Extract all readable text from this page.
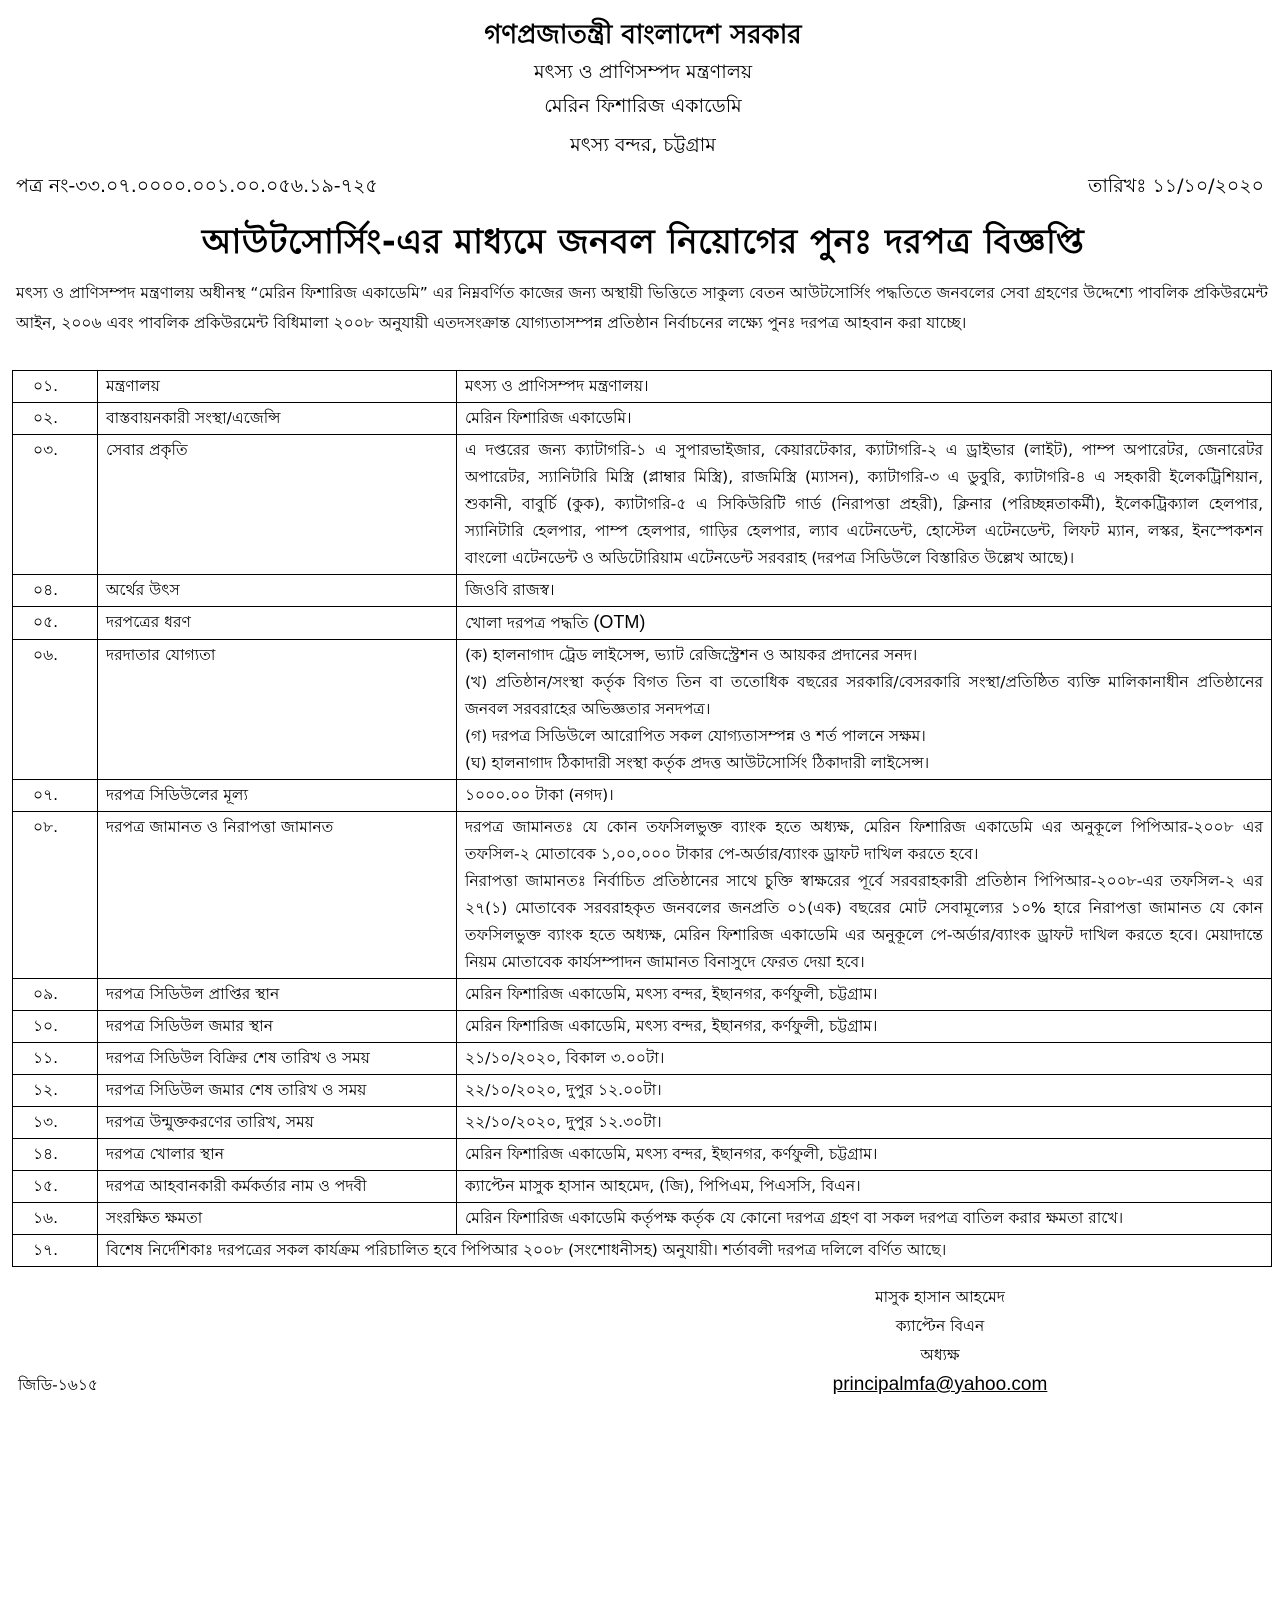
গণপ্রজাতন্ত্রী বাংলাদেশ সরকার
মৎস্য ও প্রাণিসম্পদ মন্ত্রণালয়
মেরিন ফিশারিজ একাডেমি
মৎস্য বন্দর, চট্টগ্রাম
পত্র নং-৩৩.০৭.০০০০.০০১.০০.০৫৬.১৯-৭২৫	তারিখঃ ১১/১০/২০২০
আউটসোর্সিং-এর মাধ্যমে জনবল নিয়োগের পুনঃ দরপত্র বিজ্ঞপ্তি
মৎস্য ও প্রাণিসম্পদ মন্ত্রণালয় অধীনস্থ “মেরিন ফিশারিজ একাডেমি” এর নিম্নবর্ণিত কাজের জন্য অস্থায়ী ভিত্তিতে সাকুল্য বেতন আউটসোর্সিং পদ্ধতিতে জনবলের সেবা গ্রহণের উদ্দেশ্যে পাবলিক প্রকিউরমেন্ট আইন, ২০০৬ এবং পাবলিক প্রকিউরমেন্ট বিধিমালা ২০০৮ অনুযায়ী এতদসংক্রান্ত যোগ্যতাসম্পন্ন প্রতিষ্ঠান নির্বাচনের লক্ষ্যে পুনঃ দরপত্র আহবান করা যাচ্ছে।
০১.	মন্ত্রণালয়	মৎস্য ও প্রাণিসম্পদ মন্ত্রণালয়।
০২.	বাস্তবায়নকারী সংস্থা/এজেন্সি	মেরিন ফিশারিজ একাডেমি।
০৩.	সেবার প্রকৃতি	এ দপ্তরের জন্য ক্যাটাগরি-১ এ সুপারভাইজার, কেয়ারটেকার, ক্যাটাগরি-২ এ ড্রাইভার (লাইট), পাম্প অপারেটর, জেনারেটর অপারেটর, স্যানিটারি মিস্ত্রি (প্লাম্বার মিস্ত্রি), রাজমিস্ত্রি (ম্যাসন), ক্যাটাগরি-৩ এ ডুবুরি, ক্যাটাগরি-৪ এ সহকারী ইলেকট্রিশিয়ান, শুকানী, বাবুর্চি (কুক), ক্যাটাগরি-৫ এ সিকিউরিটি গার্ড (নিরাপত্তা প্রহরী), ক্লিনার (পরিচ্ছন্নতাকর্মী), ইলেকট্রিক্যাল হেলপার, স্যানিটারি হেলপার, পাম্প হেলপার, গাড়ির হেলপার, ল্যাব এটেনডেন্ট, হোস্টেল এটেনডেন্ট, লিফট ম্যান, লস্কর, ইনস্পেকশন বাংলো এটেনডেন্ট ও অডিটোরিয়াম এটেনডেন্ট সরবরাহ (দরপত্র সিডিউলে বিস্তারিত উল্লেখ আছে)।
০৪.	অর্থের উৎস	জিওবি রাজস্ব।
০৫.	দরপত্রের ধরণ	খোলা দরপত্র পদ্ধতি (OTM)
০৬.	দরদাতার যোগ্যতা	(ক) হালনাগাদ ট্রেড লাইসেন্স, ভ্যাট রেজিস্ট্রেশন ও আয়কর প্রদানের সনদ।
(খ) প্রতিষ্ঠান/সংস্থা কর্তৃক বিগত তিন বা ততোধিক বছরের সরকারি/বেসরকারি সংস্থা/প্রতিষ্ঠিত ব্যক্তি মালিকানাধীন প্রতিষ্ঠানের জনবল সরবরাহের অভিজ্ঞতার সনদপত্র।
(গ) দরপত্র সিডিউলে আরোপিত সকল যোগ্যতাসম্পন্ন ও শর্ত পালনে সক্ষম।
(ঘ) হালনাগাদ ঠিকাদারী সংস্থা কর্তৃক প্রদত্ত আউটসোর্সিং ঠিকাদারী লাইসেন্স।

০৭.	দরপত্র সিডিউলের মূল্য	১০০০.০০ টাকা (নগদ)।
০৮.	দরপত্র জামানত ও নিরাপত্তা জামানত	দরপত্র জামানতঃ যে কোন তফসিলভুক্ত ব্যাংক হতে অধ্যক্ষ, মেরিন ফিশারিজ একাডেমি এর অনুকূলে পিপিআর-২০০৮ এর তফসিল-২ মোতাবেক ১,০০,০০০ টাকার পে-অর্ডার/ব্যাংক ড্রাফট দাখিল করতে হবে।
নিরাপত্তা জামানতঃ নির্বাচিত প্রতিষ্ঠানের সাথে চুক্তি স্বাক্ষরের পূর্বে সরবরাহকারী প্রতিষ্ঠান পিপিআর-২০০৮-এর তফসিল-২ এর ২৭(১) মোতাবেক সরবরাহকৃত জনবলের জনপ্রতি ০১(এক) বছরের মোট সেবামূল্যের ১০% হারে নিরাপত্তা জামানত যে কোন তফসিলভুক্ত ব্যাংক হতে অধ্যক্ষ, মেরিন ফিশারিজ একাডেমি এর অনুকূলে পে-অর্ডার/ব্যাংক ড্রাফট দাখিল করতে হবে। মেয়াদান্তে নিয়ম মোতাবেক কার্যসম্পাদন জামানত বিনাসুদে ফেরত দেয়া হবে।

০৯.	দরপত্র সিডিউল প্রাপ্তির স্থান	মেরিন ফিশারিজ একাডেমি, মৎস্য বন্দর, ইছানগর, কর্ণফুলী, চট্টগ্রাম।
১০.	দরপত্র সিডিউল জমার স্থান	মেরিন ফিশারিজ একাডেমি, মৎস্য বন্দর, ইছানগর, কর্ণফুলী, চট্টগ্রাম।
১১.	দরপত্র সিডিউল বিক্রির শেষ তারিখ ও সময়	২১/১০/২০২০, বিকাল ৩.০০টা।
১২.	দরপত্র সিডিউল জমার শেষ তারিখ ও সময়	২২/১০/২০২০, দুপুর ১২.০০টা।
১৩.	দরপত্র উন্মুক্তকরণের তারিখ, সময়	২২/১০/২০২০, দুপুর ১২.৩০টা।
১৪.	দরপত্র খোলার স্থান	মেরিন ফিশারিজ একাডেমি, মৎস্য বন্দর, ইছানগর, কর্ণফুলী, চট্টগ্রাম।
১৫.	দরপত্র আহবানকারী কর্মকর্তার নাম ও পদবী	ক্যাপ্টেন মাসুক হাসান আহমেদ, (জি), পিপিএম, পিএসসি, বিএন।
১৬.	সংরক্ষিত ক্ষমতা	মেরিন ফিশারিজ একাডেমি কর্তৃপক্ষ কর্তৃক যে কোনো দরপত্র গ্রহণ বা সকল দরপত্র বাতিল করার ক্ষমতা রাখে।
১৭.	বিশেষ নির্দেশিকাঃ দরপত্রের সকল কার্যক্রম পরিচালিত হবে পিপিআর ২০০৮ (সংশোধনীসহ) অনুযায়ী। শর্তাবলী দরপত্র দলিলে বর্ণিত আছে।	
মাসুক হাসান আহমেদ
ক্যাপ্টেন বিএন
অধ্যক্ষ
principalmfa@yahoo.com
জিডি-১৬১৫
